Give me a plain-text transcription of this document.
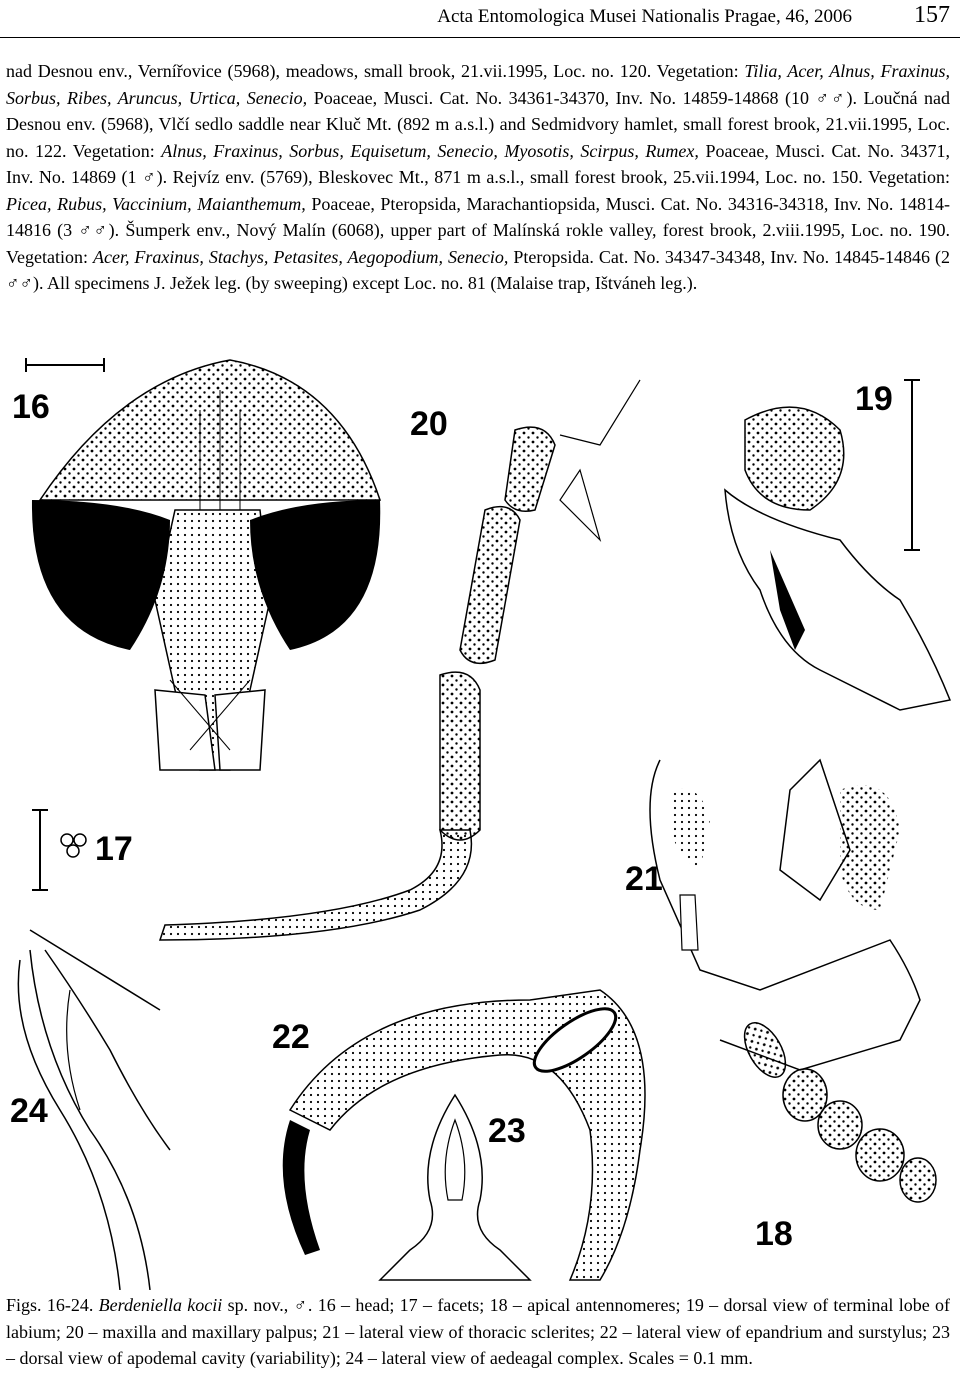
Acta Entomologica Musei Nationalis Pragae, 46, 2006	157
nad Desnou env., Vernířovice (5968), meadows, small brook, 21.vii.1995, Loc. no. 120. Vegetation: Tilia, Acer, Alnus, Fraxinus, Sorbus, Ribes, Aruncus, Urtica, Senecio, Poaceae, Musci. Cat. No. 34361-34370, Inv. No. 14859-14868 (10 ♂♂). Loučná nad Desnou env. (5968), Vlčí sedlo saddle near Kluč Mt. (892 m a.s.l.) and Sedmidvory hamlet, small forest brook, 21.vii.1995, Loc. no. 122. Vegetation: Alnus, Fraxinus, Sorbus, Equisetum, Senecio, Myosotis, Scirpus, Rumex, Poaceae, Musci. Cat. No. 34371, Inv. No. 14869 (1 ♂). Rejvíz env. (5769), Bleskovec Mt., 871 m a.s.l., small forest brook, 25.vii.1994, Loc. no. 150. Vegetation: Picea, Rubus, Vaccinium, Maianthemum, Poaceae, Pteropsida, Marachantiopsida, Musci. Cat. No. 34316-34318, Inv. No. 14814-14816 (3 ♂♂). Šumperk env., Nový Malín (6068), upper part of Malínská rokle valley, forest brook, 2.viii.1995, Loc. no. 190. Vegetation: Acer, Fraxinus, Stachys, Petasites, Aegopodium, Senecio, Pteropsida. Cat. No. 34347-34348, Inv. No. 14845-14846 (2 ♂♂). All specimens J. Ježek leg. (by sweeping) except Loc. no. 81 (Malaise trap, Ištváneh leg.).
16	20
19
17
21
22
24
23
18
Figs. 16-24. Berdeniella kocii sp. nov., ♂. 16 – head; 17 – facets; 18 – apical antennomeres; 19 – dorsal view of terminal lobe of labium; 20 – maxilla and maxillary palpus; 21 – lateral view of thoracic sclerites; 22 – lateral view of epandrium and surstylus; 23 – dorsal view of apodemal cavity (variability); 24 – lateral view of aedeagal complex. Scales = 0.1 mm.
